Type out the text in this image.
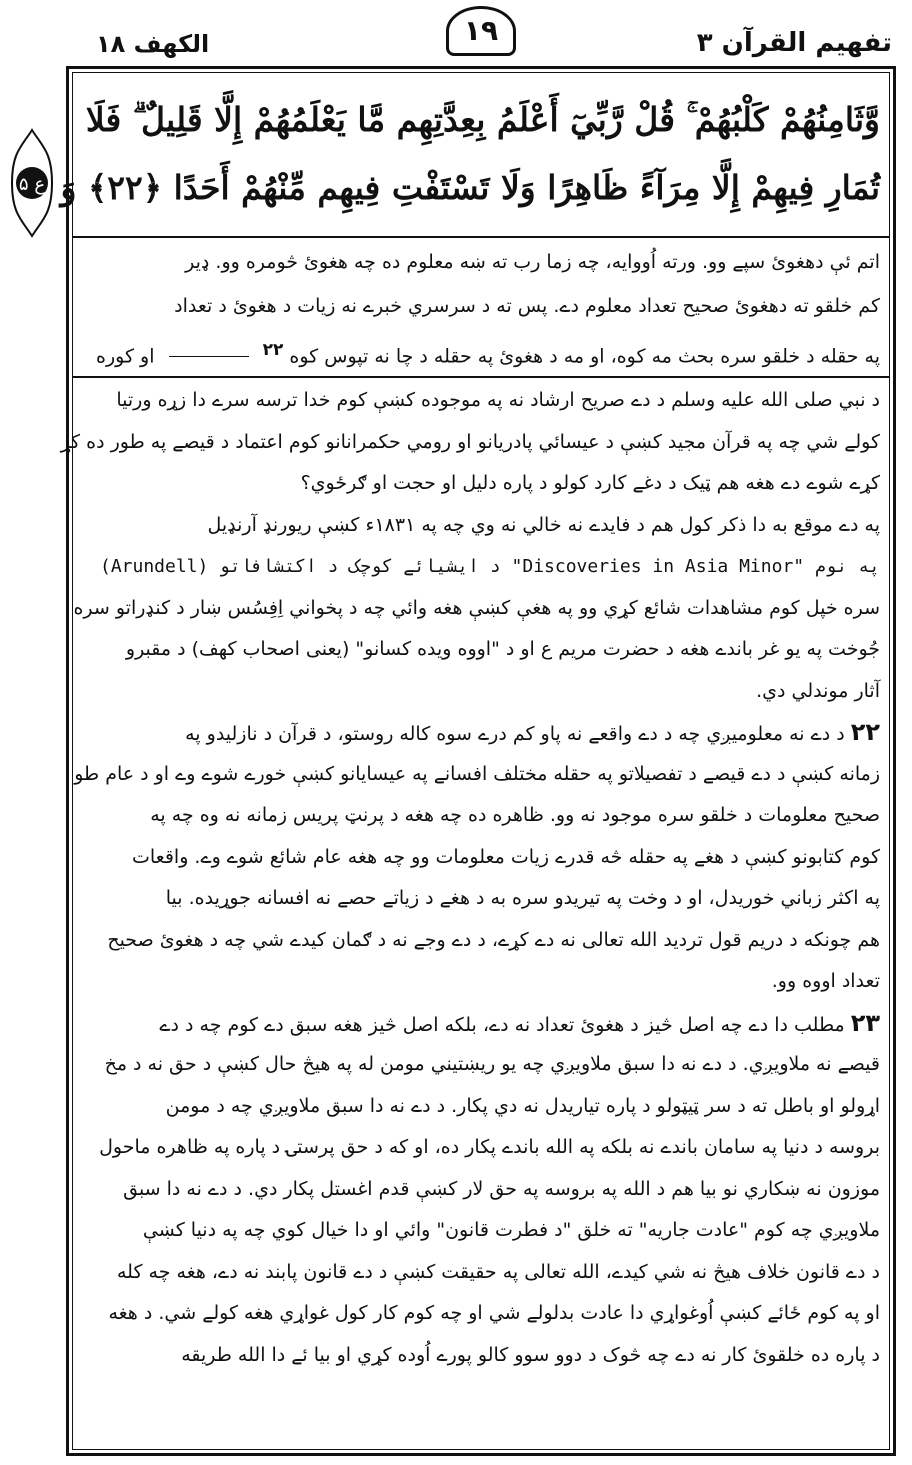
الکهف ۱۸	۱۹	تفهیم القرآن ۳
ع ۵
وَّثَامِنُهُمْ كَلْبُهُمْ ۚ قُلْ رَّبِّيٓ أَعْلَمُ بِعِدَّتِهِم مَّا يَعْلَمُهُمْ إِلَّا قَلِيلٌ ۗ فَلَا
تُمَارِ فِيهِمْ إِلَّا مِرَآءً ظَاهِرًا وَلَا تَسْتَفْتِ فِيهِم مِّنْهُمْ أَحَدًا ﴿٢٢﴾ وَ
اتم ئې دهغوئ سپے وو. ورته اُووايه، چه زما رب ته ښه معلوم ده چه هغوئ څومره وو. ډیر
کم خلقو ته دهغوئ صحیح تعداد معلوم دے. پس ته د سرسري خبرے نه زیات د هغوئ د تعداد
په حقله د خلقو سره بحث مه کوه، او مه د هغوئ په حقله د چا نه تپوس کوه ۲۲  او کوره
د نبي صلی الله علیه وسلم د دے صریح ارشاد نه په موجوده کښې کوم خدا ترسه سرے دا زړه ورتیا
کولے شي چه په قرآن مجید کښې د عیسائي پادریانو او رومي حکمرانانو کوم اعتماد د قیصے په طور ده کړ
کړے شوے دے هغه هم ټیک د دغے کارد کولو د پاره دلیل او حجت او ګرځوي؟
په دے موقع به دا ذکر کول هم د فایدے نه خالي نه وي چه په ۱۸۳۱ء کښې ریورنډ آرنډیل
(Arundell) د ایشیائے کوچک د اکتشافاتو "Discoveries in Asia Minor" په نوم
سره خپل کوم مشاهدات شائع کړي وو په هغې کښې هغه وائي چه د پخواني اِفِسُس ښار د کنډراتو سره
جُوخت په یو غر باندے هغه د حضرت مریم ع او د "اووه ویده کسانو" (یعنی اصحاب کهف) د مقبرو
آثار موندلي دي.
۲۲د دے نه معلومیږي چه د دے واقعے نه پاو کم درے سوه کاله روستو، د قرآن د نازلیدو په
زمانه کښې د دے قیصے د تفصیلاتو په حقله مختلف افسانے په عیسایانو کښې خورے شوے وے او د عام طو
صحیح معلومات د خلقو سره موجود نه وو. ظاهره ده چه هغه د پرنټ پریس زمانه نه وه چه په
کوم کتابونو کښې د هغے په حقله څه قدرے زیات معلومات وو چه هغه عام شائع شوے وے. واقعات
په اکثر زباني خوریدل، او د وخت په تیریدو سره به د هغے د زیاتے حصے نه افسانه جوړیده. بیا
هم چونکه د دریم قول تردید الله تعالی نه دے کړے، د دے وجے نه د ګمان کیدے شي چه د هغوئ صحیح
تعداد اووه وو.
۲۳مطلب دا دے چه اصل څیز د هغوئ تعداد نه دے، بلکه اصل څیز هغه سبق دے کوم چه د دے
قیصے نه ملاویږي. د دے نه دا سبق ملاویږي چه یو ریښتیني مومن له په هیڅ حال کښې د حق نه د مخ
اړولو او باطل ته د سر ټیټولو د پاره تیاریدل نه دي پکار. د دے نه دا سبق ملاویږي چه د مومن
بروسه د دنیا په سامان باندے نه بلکه په الله باندے پکار ده، او که د حق پرستۍ د پاره په ظاهره ماحول
موزون نه ښکاري نو بیا هم د الله په بروسه په حق لار کښې قدم اغستل پکار دي. د دے نه دا سبق
ملاویږي چه کوم "عادت جاریه" ته خلق "د فطرت قانون" وائي او دا خیال کوي چه په دنیا کښې
د دے قانون خلاف هیڅ نه شي کیدے، الله تعالی په حقیقت کښې د دے قانون پابند نه دے، هغه چه کله
او په کوم ځائے کښې اُوغواړي دا عادت بدلولے شي او چه کوم کار کول غواړي هغه کولے شي. د هغه
د پاره ده خلقوئ کار نه دے چه څوک د دوو سوو کالو پورے اُوده کړي او بیا ئے دا الله طریقه
